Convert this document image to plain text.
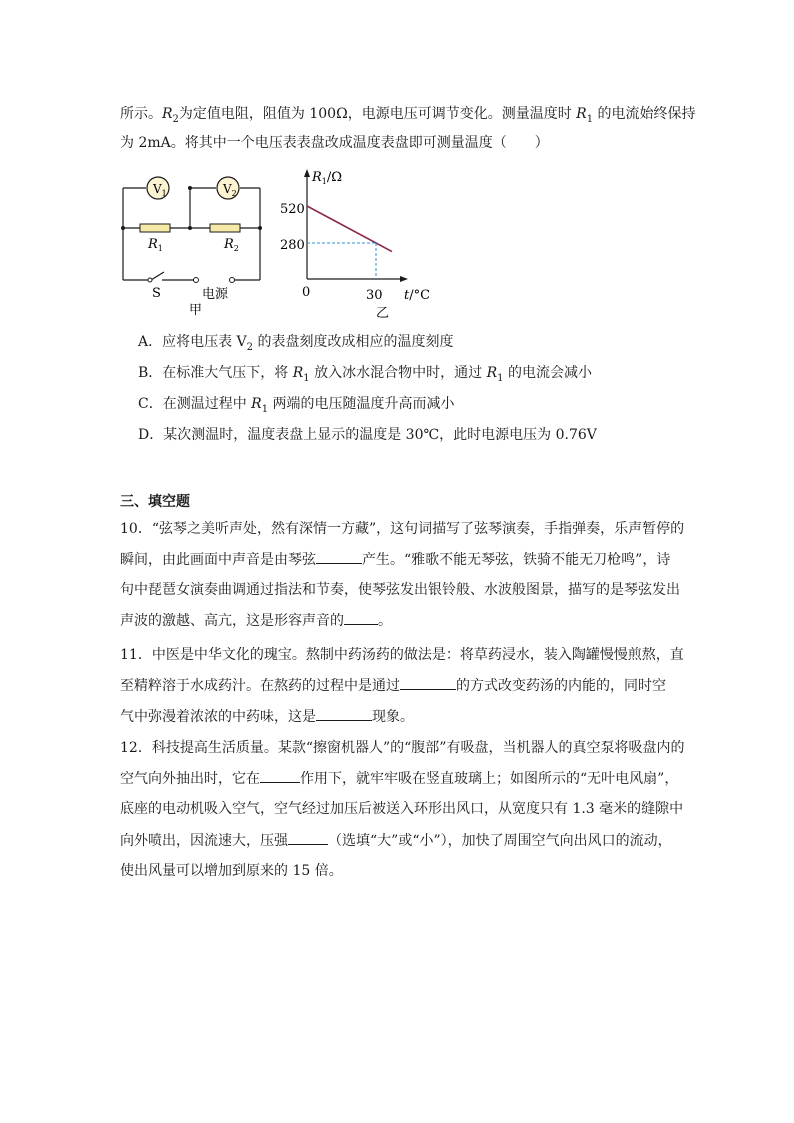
所示。$R_2$为定值电阻，阻值为 100Ω，电源电压可调节变化。测量温度时 $R_1$ 的电流始终保持
为 2mA。将其中一个电压表表盘改成温度表盘即可测量温度（　　）
$V_1$	$V_2$
$R_1$	$R_2$
S	电源
甲
$R_1/\Omega$
520
280
0	30 t/°C
乙
A．应将电压表 $V_2$ 的表盘刻度改成相应的温度刻度
B．在标准大气压下，将 $R_1$ 放入冰水混合物中时，通过 $R_1$ 的电流会减小
C．在测温过程中 $R_1$ 两端的电压随温度升高而减小
D．某次测温时，温度表盘上显示的温度是 30℃，此时电源电压为 0.76V
三、填空题
10．“弦琴之美听声处，然有深情一方藏”，这句词描写了弦琴演奏，手指弹奏，乐声暂停的
瞬间，由此画面中声音是由琴弦	产生。“雅歌不能无琴弦，铁骑不能无刀枪鸣”，诗
句中琵琶女演奏曲调通过指法和节奏，使琴弦发出银铃般、水波般图景，描写的是琴弦发出
声波的激越、高亢，这是形容声音的 。
11．中医是中华文化的瑰宝。熬制中药汤药的做法是：将草药浸水，装入陶罐慢慢煎熬，直
至精粹溶于水成药汁。在熬药的过程中是通过	的方式改变药汤的内能的，同时空
气中弥漫着浓浓的中药味，这是	现象。
12．科技提高生活质量。某款“擦窗机器人”的“腹部”有吸盘，当机器人的真空泵将吸盘内的
空气向外抽出时，它在	作用下，就牢牢吸在竖直玻璃上；如图所示的“无叶电风扇”，
底座的电动机吸入空气，空气经过加压后被送入环形出风口，从宽度只有 1.3 毫米的缝隙中
向外喷出，因流速大，压强	（选填“大”或“小”），加快了周围空气向出风口的流动，
使出风量可以增加到原来的 15 倍。
